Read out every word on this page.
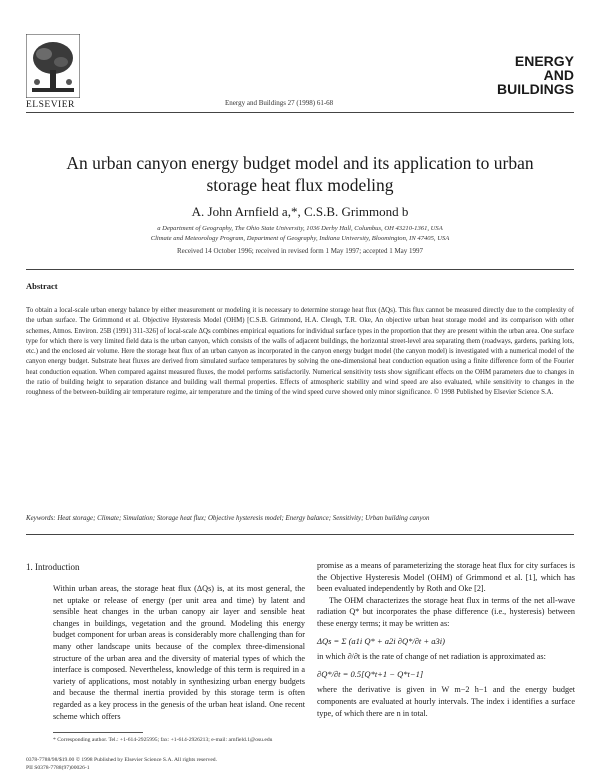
ELSEVIER	Energy and Buildings 27 (1998) 61-68
ENERGY
AND
BUILDINGS
An urban canyon energy budget model and its application to urban
storage heat flux modeling
A. John Arnfield a,*, C.S.B. Grimmond b
a Department of Geography, The Ohio State University, 1036 Derby Hall, Columbus, OH 43210-1361, USA
Climate and Meteorology Program, Department of Geography, Indiana University, Bloomington, IN 47405, USA
Received 14 October 1996; received in revised form 1 May 1997; accepted 1 May 1997
Abstract
To obtain a local-scale urban energy balance by either measurement or modeling it is necessary to determine storage heat flux (ΔQs). This flux cannot be measured directly due to the complexity of the urban surface. The Grimmond et al. Objective Hysteresis Model (OHM) [C.S.B. Grimmond, H.A. Cleugh, T.R. Oke, An objective urban heat storage model and its comparison with other schemes, Atmos. Environ. 25B (1991) 311-326] of local-scale ΔQs combines empirical equations for individual surface types in the proportion that they are present within the urban area. One surface type for which there is very limited field data is the urban canyon, which consists of the walls of adjacent buildings, the horizontal street-level area separating them (roadways, gardens, parking lots, etc.) and the enclosed air volume. Here the storage heat flux of an urban canyon as incorporated in the canyon energy budget model (the canyon model) is investigated with a numerical model of the canyon energy budget. Substrate heat fluxes are derived from simulated surface temperatures by solving the one-dimensional heat conduction equation using a finite difference form of the Fourier heat conduction equation. When compared against measured fluxes, the model performs satisfactorily. Numerical sensitivity tests show significant effects on the OHM parameters due to changes in the ratio of building height to separation distance and building wall thermal properties. Effects of atmospheric stability and wind speed are also evaluated, while sensitivity to changes in the roughness of the between-building air temperature regime, air temperature and the timing of the wind speed curve showed only minor significance. © 1998 Published by Elsevier Science S.A.
Keywords: Heat storage; Climate; Simulation; Storage heat flux; Objective hysteresis model; Energy balance; Sensitivity; Urban building canyon
1. Introduction

Within urban areas, the storage heat flux (ΔQs) is, at its most general, the net uptake or release of energy (per unit area and time) by latent and sensible heat changes in the urban canopy air layer and sensible heat changes in buildings, vegetation and the ground. Modeling this energy budget component for urban areas is considerably more challenging than for many other landscape units because of the complex three-dimensional structure of the urban area and the diversity of material types of which the interface is composed. Nevertheless, knowledge of this term is required in a variety of applications, most notably in synthesizing urban energy budgets and because the thermal inertia provided by this storage term is often regarded as a key process in the genesis of the urban heat island. One recent scheme which offers

promise as a means of parameterizing the storage heat flux for city surfaces is the Objective Hysteresis Model (OHM) of Grimmond et al. [1], which has been evaluated independently by Roth and Oke [2].

The OHM characterizes the storage heat flux in terms of the net all-wave radiation Q* but incorporates the phase difference (i.e., hysteresis) between these energy terms; it may be written as:

ΔQs = Σ (a1i Q* + a2i ∂Q*/∂t + a3i)

in which ∂/∂t is the rate of change of net radiation is approximated as:

∂Q*/∂t = 0.5[Q*t+1 − Q*t−1]

where the derivative is given in W m−2 h−1 and the energy budget components are evaluated at hourly intervals. The index i identifies a surface type, of which there are n in total.

* Corresponding author. Tel.: +1-614-2925995; fax: +1-614-2926213; e-mail: arnfield.1@osu.edu
0378-7788/98/$19.00 © 1998 Published by Elsevier Science S.A. All rights reserved.
PII S0378-7788(97)00026-1
